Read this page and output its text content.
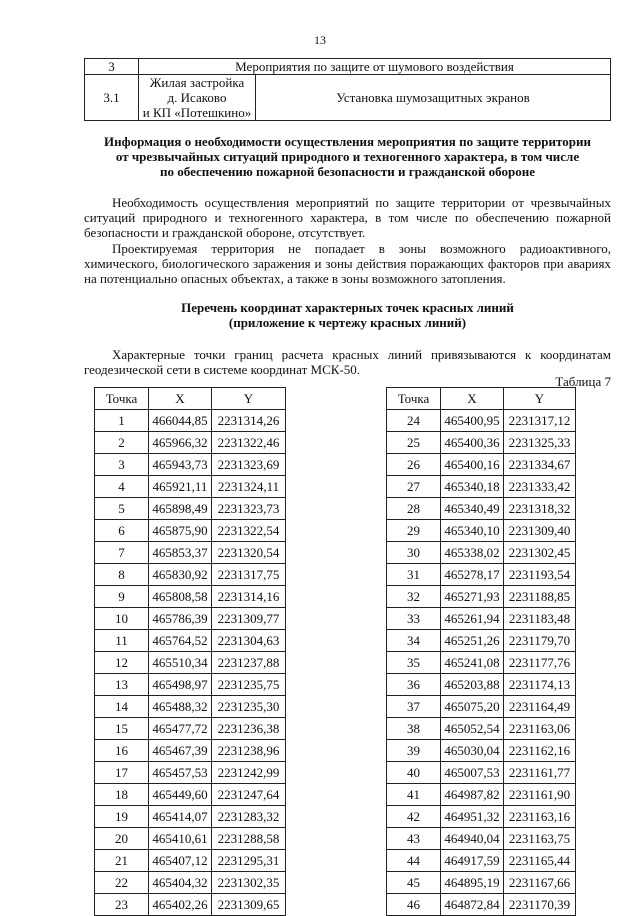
13
3	Мероприятия по защите от шумового воздействия	
3.1	Жилая застройка
д. Исаково
и КП «Потешкино»	Установка шумозащитных экранов
Информация о необходимости осуществления мероприятия по защите территории
от чрезвычайных ситуаций природного и техногенного характера, в том числе
по обеспечению пожарной безопасности и гражданской обороне
Необходимость осуществления мероприятий по защите территории от чрезвычайных ситуаций природного и техногенного характера, в том числе по обеспечению пожарной безопасности и гражданской обороне, отсутствует.
Проектируемая территория не попадает в зоны возможного радиоактивного, химического, биологического заражения и зоны действия поражающих факторов при авариях на потенциально опасных объектах, а также в зоны возможного затопления.
Перечень координат характерных точек красных линий
(приложение к чертежу красных линий)
Характерные точки границ расчета красных линий привязываются к координатам геодезической сети в системе координат МСК-50.
Таблица 7
Точка	X	Y
1	466044,85	2231314,26
2	465966,32	2231322,46
3	465943,73	2231323,69
4	465921,11	2231324,11
5	465898,49	2231323,73
6	465875,90	2231322,54
7	465853,37	2231320,54
8	465830,92	2231317,75
9	465808,58	2231314,16
10	465786,39	2231309,77
11	465764,52	2231304,63
12	465510,34	2231237,88
13	465498,97	2231235,75
14	465488,32	2231235,30
15	465477,72	2231236,38
16	465467,39	2231238,96
17	465457,53	2231242,99
18	465449,60	2231247,64
19	465414,07	2231283,32
20	465410,61	2231288,58
21	465407,12	2231295,31
22	465404,32	2231302,35
23	465402,26	2231309,65
Точка	X	Y
24	465400,95	2231317,12
25	465400,36	2231325,33
26	465400,16	2231334,67
27	465340,18	2231333,42
28	465340,49	2231318,32
29	465340,10	2231309,40
30	465338,02	2231302,45
31	465278,17	2231193,54
32	465271,93	2231188,85
33	465261,94	2231183,48
34	465251,26	2231179,70
35	465241,08	2231177,76
36	465203,88	2231174,13
37	465075,20	2231164,49
38	465052,54	2231163,06
39	465030,04	2231162,16
40	465007,53	2231161,77
41	464987,82	2231161,90
42	464951,32	2231163,16
43	464940,04	2231163,75
44	464917,59	2231165,44
45	464895,19	2231167,66
46	464872,84	2231170,39
